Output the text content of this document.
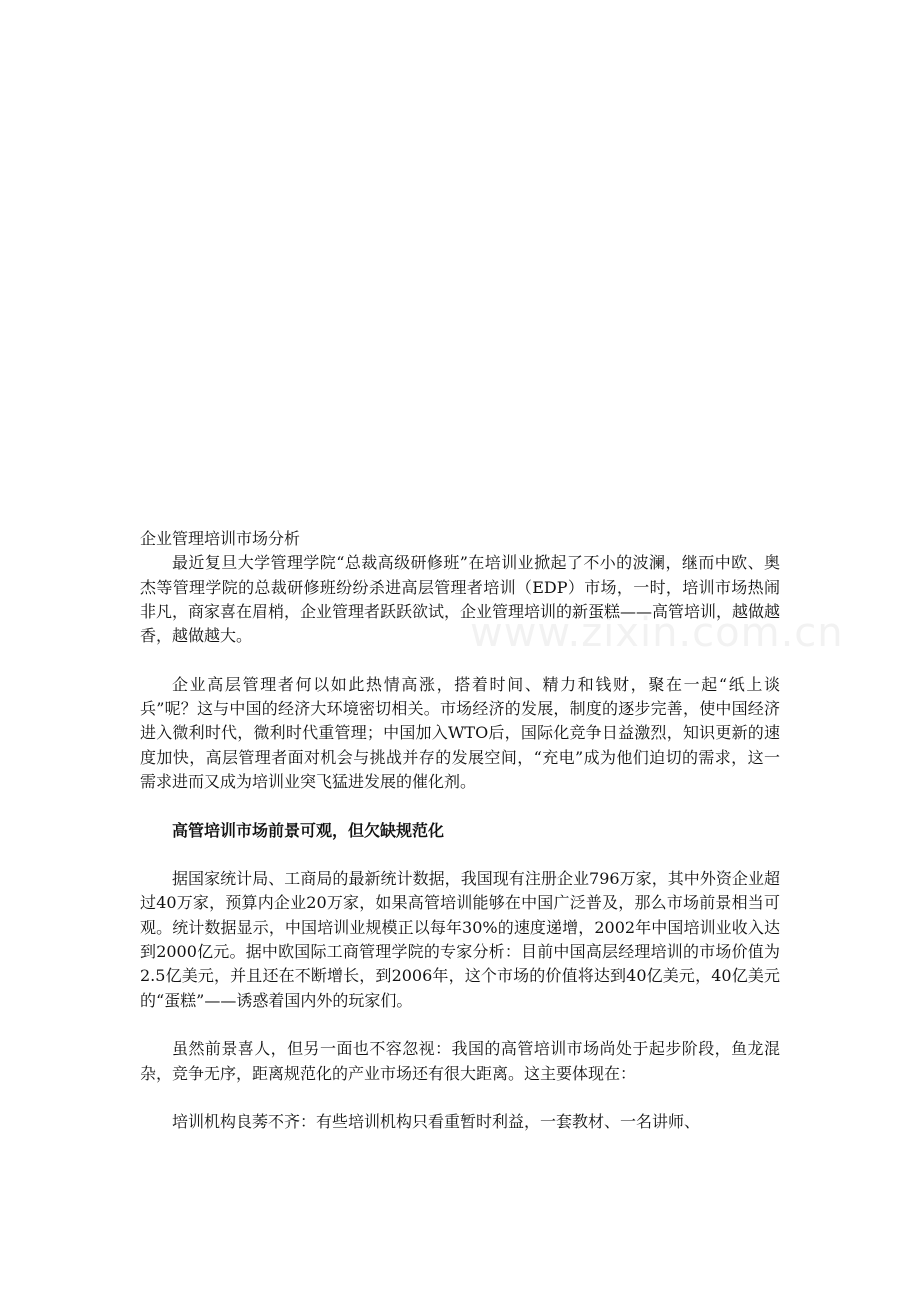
www.zixin.com.cn

企业管理培训市场分析

最近复旦大学管理学院“总裁高级研修班”在培训业掀起了不小的波澜，继而中欧、奥杰等管理学院的总裁研修班纷纷杀进高层管理者培训（EDP）市场，一时，培训市场热闹非凡，商家喜在眉梢，企业管理者跃跃欲试，企业管理培训的新蛋糕——高管培训，越做越香，越做越大。

企业高层管理者何以如此热情高涨，搭着时间、精力和钱财，聚在一起“纸上谈兵”呢？这与中国的经济大环境密切相关。市场经济的发展，制度的逐步完善，使中国经济进入微利时代，微利时代重管理；中国加入WTO后，国际化竞争日益激烈，知识更新的速度加快，高层管理者面对机会与挑战并存的发展空间，“充电”成为他们迫切的需求，这一需求进而又成为培训业突飞猛进发展的催化剂。

高管培训市场前景可观，但欠缺规范化

据国家统计局、工商局的最新统计数据，我国现有注册企业796万家，其中外资企业超过40万家，预算内企业20万家，如果高管培训能够在中国广泛普及，那么市场前景相当可观。统计数据显示，中国培训业规模正以每年30%的速度递增，2002年中国培训业收入达到2000亿元。据中欧国际工商管理学院的专家分析：目前中国高层经理培训的市场价值为2.5亿美元，并且还在不断增长，到2006年，这个市场的价值将达到40亿美元，40亿美元的“蛋糕”——诱惑着国内外的玩家们。

虽然前景喜人，但另一面也不容忽视：我国的高管培训市场尚处于起步阶段，鱼龙混杂，竞争无序，距离规范化的产业市场还有很大距离。这主要体现在：

培训机构良莠不齐：有些培训机构只看重暂时利益，一套教材、一名讲师、
